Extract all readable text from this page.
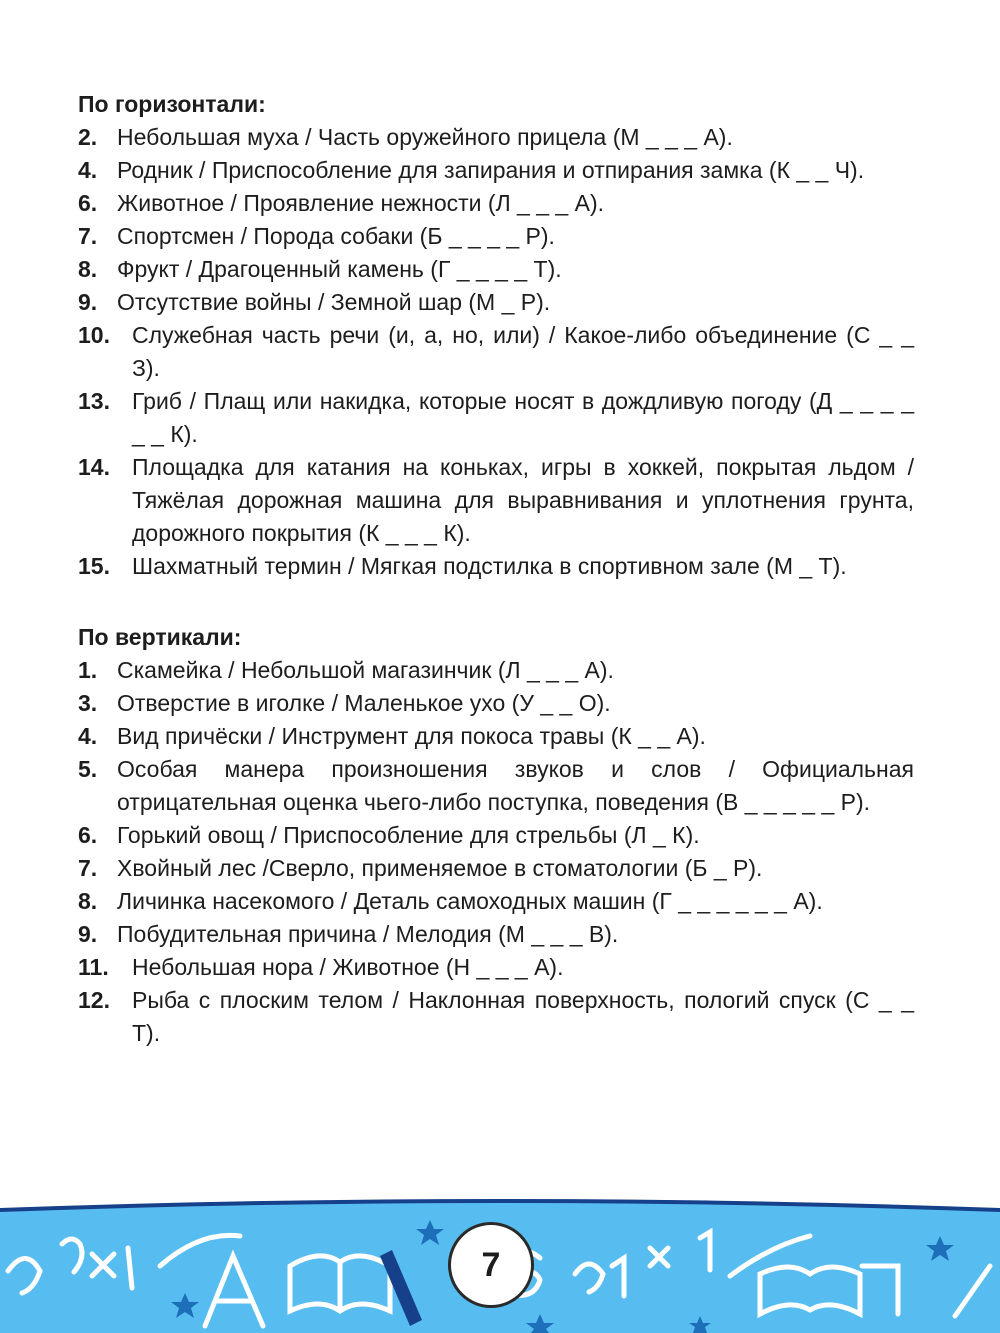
По горизонтали:
2. Небольшая муха / Часть оружейного прицела (М _ _ _ А).
4. Родник / Приспособление для запирания и отпирания замка (К _ _ Ч).
6. Животное / Проявление нежности (Л _ _ _ А).
7. Спортсмен / Порода собаки (Б _ _ _ _ Р).
8. Фрукт / Драгоценный камень (Г _ _ _ _ Т).
9. Отсутствие войны / Земной шар (М _ Р).
10. Служебная часть речи (и, а, но, или) / Какое-либо объединение (С _ _ З).
13. Гриб / Плащ или накидка, которые носят в дождливую погоду (Д _ _ _ _ _ _ К).
14. Площадка для катания на коньках, игры в хоккей, покрытая льдом / Тяжёлая дорожная машина для выравнивания и уплотнения грунта, дорожного покрытия (К _ _ _ К).
15. Шахматный термин / Мягкая подстилка в спортивном зале (М _ Т).
По вертикали:
1. Скамейка / Небольшой магазинчик (Л _ _ _ А).
3. Отверстие в иголке / Маленькое ухо (У _ _ О).
4. Вид причёски / Инструмент для покоса травы (К _ _ А).
5. Особая манера произношения звуков и слов / Официальная отрицательная оценка чьего-либо поступка, поведения (В _ _ _ _ _ Р).
6. Горький овощ / Приспособление для стрельбы (Л _ К).
7. Хвойный лес /Сверло, применяемое в стоматологии (Б _ Р).
8. Личинка насекомого / Деталь самоходных машин (Г _ _ _ _ _ _ А).
9. Побудительная причина / Мелодия (М _ _ _ В).
11.	Небольшая нора / Животное (Н _ _ _ А).
12. Рыба с плоским телом / Наклонная поверхность, пологий спуск (С _ _ Т).
7
